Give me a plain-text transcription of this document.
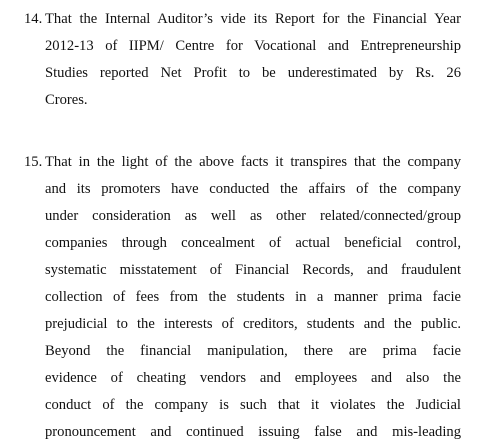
14. That the Internal Auditor’s vide its Report for the Financial Year
2012-13 of IIPM/ Centre for Vocational and Entrepreneurship
Studies reported Net Profit to be underestimated by Rs. 26
Crores.
15. That in the light of the above facts it transpires that the company
and its promoters have conducted the affairs of the company
under consideration as well as other related/connected/group
companies through concealment of actual beneficial control,
systematic misstatement of Financial Records, and fraudulent
collection of fees from the students in a manner prima facie
prejudicial to the interests of creditors, students and the public.
Beyond the financial manipulation, there are prima facie
evidence of cheating vendors and employees and also the
conduct of the company is such that it violates the Judicial
pronouncement and continued issuing false and mis-leading
